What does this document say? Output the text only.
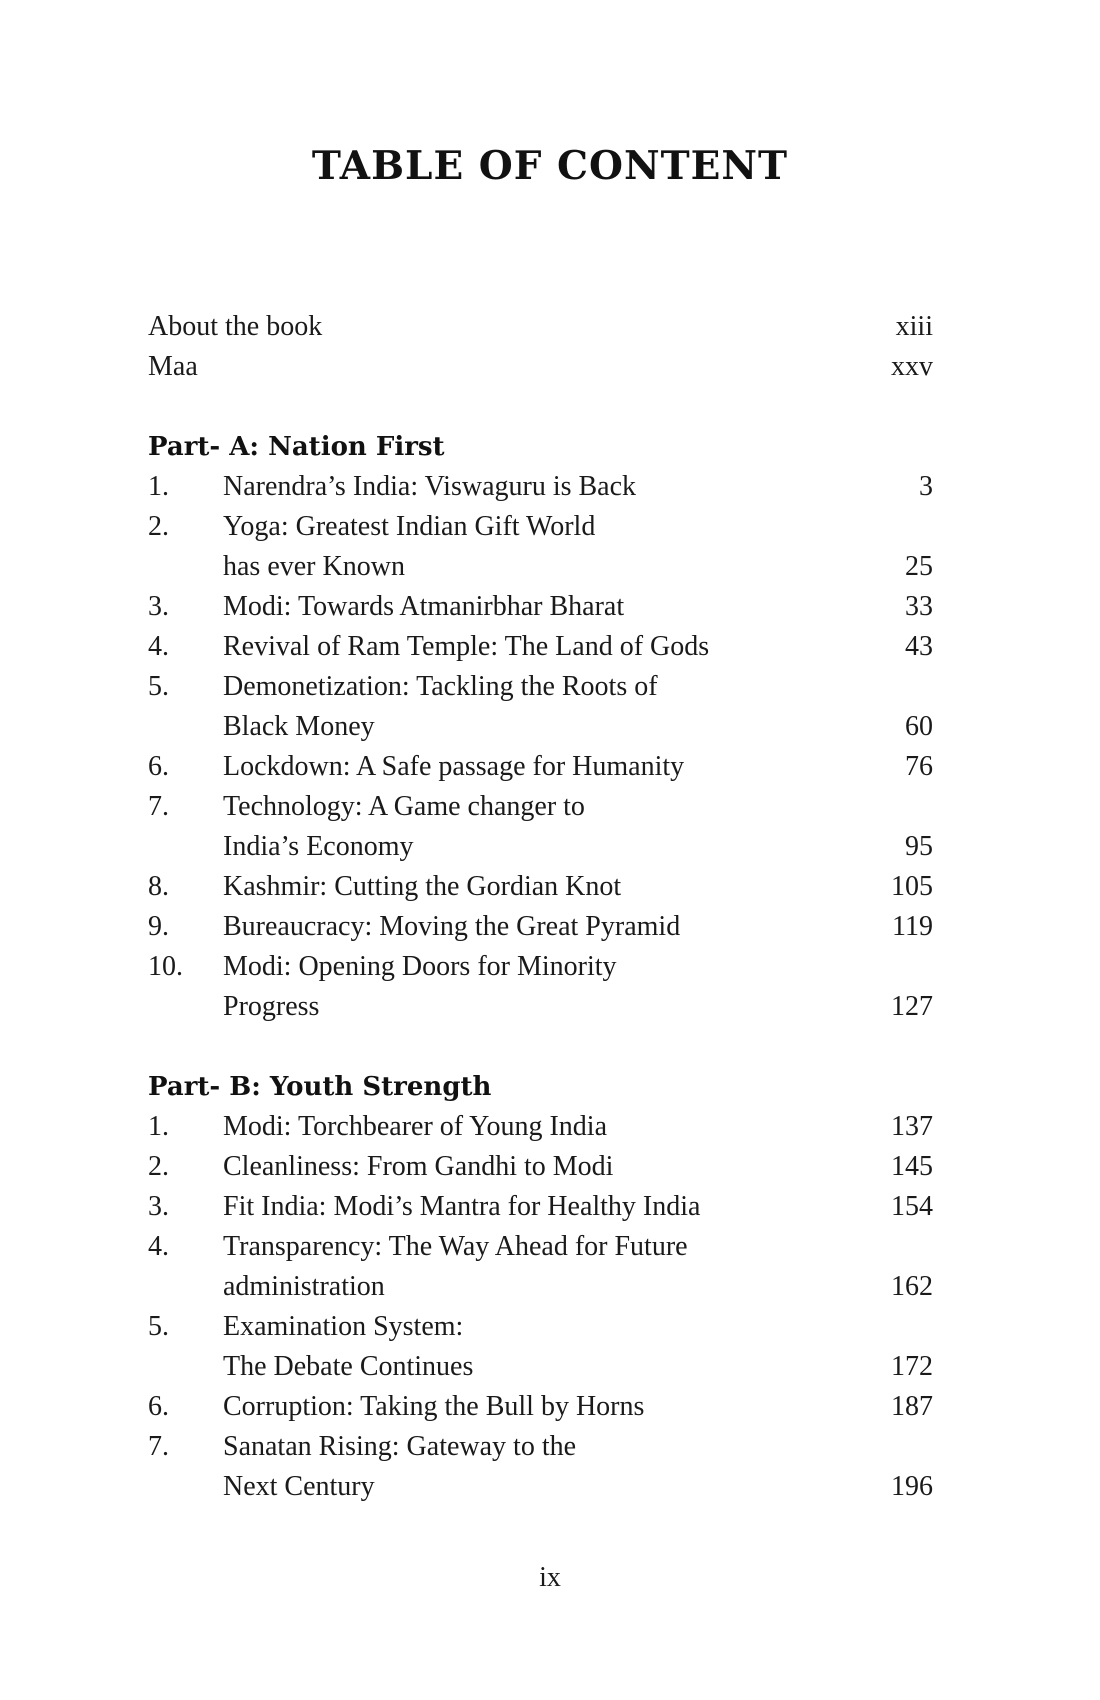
TABLE OF CONTENT
About the book	xiii
Maa	xxv
Part- A: Nation First
1.	Narendra’s India: Viswaguru is Back	3
2.	Yoga: Greatest Indian Gift World
has ever Known	25
3.	Modi: Towards Atmanirbhar Bharat	33
4.	Revival of Ram Temple: The Land of Gods	43
5.	Demonetization: Tackling the Roots of
Black Money	60
6.	Lockdown: A Safe passage for Humanity	76
7.	Technology: A Game changer to
India’s Economy	95
8.	Kashmir: Cutting the Gordian Knot	105
9.	Bureaucracy: Moving the Great Pyramid	119
10.	Modi: Opening Doors for Minority
Progress	127
Part- B: Youth Strength
1.	Modi: Torchbearer of Young India	137
2.	Cleanliness: From Gandhi to Modi	145
3.	Fit India: Modi’s Mantra for Healthy India	154
4.	Transparency: The Way Ahead for Future
administration	162
5.	Examination System:
The Debate Continues	172
6.	Corruption: Taking the Bull by Horns	187
7.	Sanatan Rising: Gateway to the
Next Century	196
ix
